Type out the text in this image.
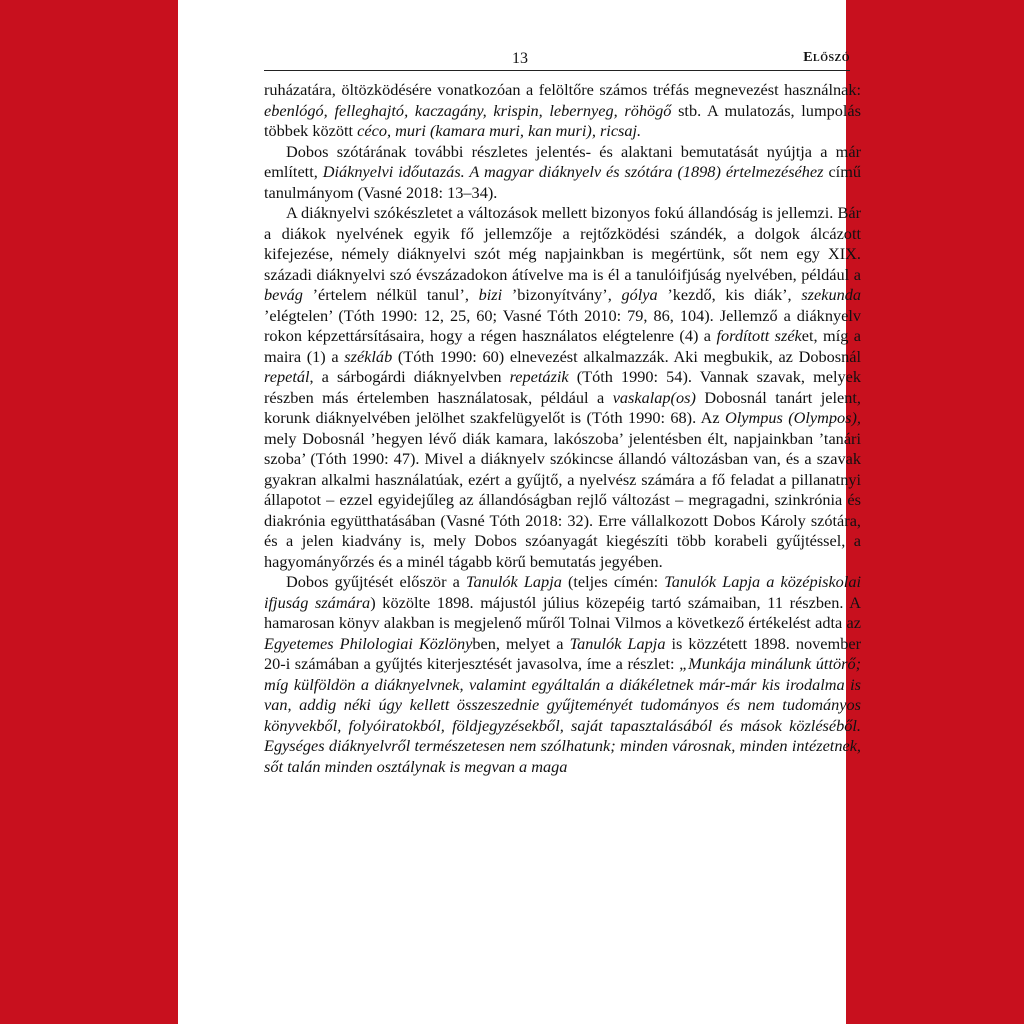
13	Előszó

ruházatára, öltözködésére vonatkozóan a felöltőre számos tréfás megnevezést használnak: ebenlógó, felleghajtó, kaczagány, krispin, lebernyeg, röhögő stb. A mulatozás, lumpolás többek között céco, muri (kamara muri, kan muri), ricsaj.

Dobos szótárának további részletes jelentés- és alaktani bemutatását nyújtja a már említett, Diáknyelvi időutazás. A magyar diáknyelv és szótára (1898) értelmezéséhez című tanulmányom (Vasné 2018: 13–34).

A diáknyelvi szókészletet a változások mellett bizonyos fokú állandóság is jellemzi. Bár a diákok nyelvének egyik fő jellemzője a rejtőzködési szándék, a dolgok álcázott kifejezése, némely diáknyelvi szót még napjainkban is megértünk, sőt nem egy XIX. századi diáknyelvi szó évszázadokon átívelve ma is él a tanulóifjúság nyelvében, például a bevág ’értelem nélkül tanul’, bizi ’bizonyítvány’, gólya ’kezdő, kis diák’, szekunda ’elégtelen’ (Tóth 1990: 12, 25, 60; Vasné Tóth 2010: 79, 86, 104). Jellemző a diáknyelv rokon képzettársításaira, hogy a régen használatos elégtelenre (4) a fordított széket, míg a maira (1) a székláb (Tóth 1990: 60) elnevezést alkalmazzák. Aki megbukik, az Dobosnál repetál, a sárbogárdi diáknyelvben repetázik (Tóth 1990: 54). Vannak szavak, melyek részben más értelemben használatosak, például a vaskalap(os) Dobosnál tanárt jelent, korunk diáknyelvében jelölhet szakfelügyelőt is (Tóth 1990: 68). Az Olympus (Olympos), mely Dobosnál ’hegyen lévő diák kamara, lakószoba’ jelentésben élt, napjainkban ’tanári szoba’ (Tóth 1990: 47). Mivel a diáknyelv szókincse állandó változásban van, és a szavak gyakran alkalmi használatúak, ezért a gyűjtő, a nyelvész számára a fő feladat a pillanatnyi állapotot – ezzel egyidejűleg az állandóságban rejlő változást – megragadni, szinkrónia és diakrónia együtthatásában (Vasné Tóth 2018: 32). Erre vállalkozott Dobos Károly szótára, és a jelen kiadvány is, mely Dobos szóanyagát kiegészíti több korabeli gyűjtéssel, a hagyományőrzés és a minél tágabb körű bemutatás jegyében.

Dobos gyűjtését először a Tanulók Lapja (teljes címén: Tanulók Lapja a középiskolai ifjuság számára) közölte 1898. májustól július közepéig tartó számaiban, 11 részben. A hamarosan könyv alakban is megjelenő műről Tolnai Vilmos a következő értékelést adta az Egyetemes Philologiai Közlönyben, melyet a Tanulók Lapja is közzétett 1898. november 20-i számában a gyűjtés kiterjesztését javasolva, íme a részlet: „Munkája minálunk úttörő; míg külföldön a diáknyelvnek, valamint egyáltalán a diákéletnek már-már kis irodalma is van, addig néki úgy kellett összeszednie gyűjteményét tudományos és nem tudományos könyvekből, folyóiratokból, földjegyzésekből, saját tapasztalásából és mások közléséből. Egységes diáknyelvről természetesen nem szólhatunk; minden városnak, minden intézetnek, sőt talán minden osztálynak is megvan a maga
